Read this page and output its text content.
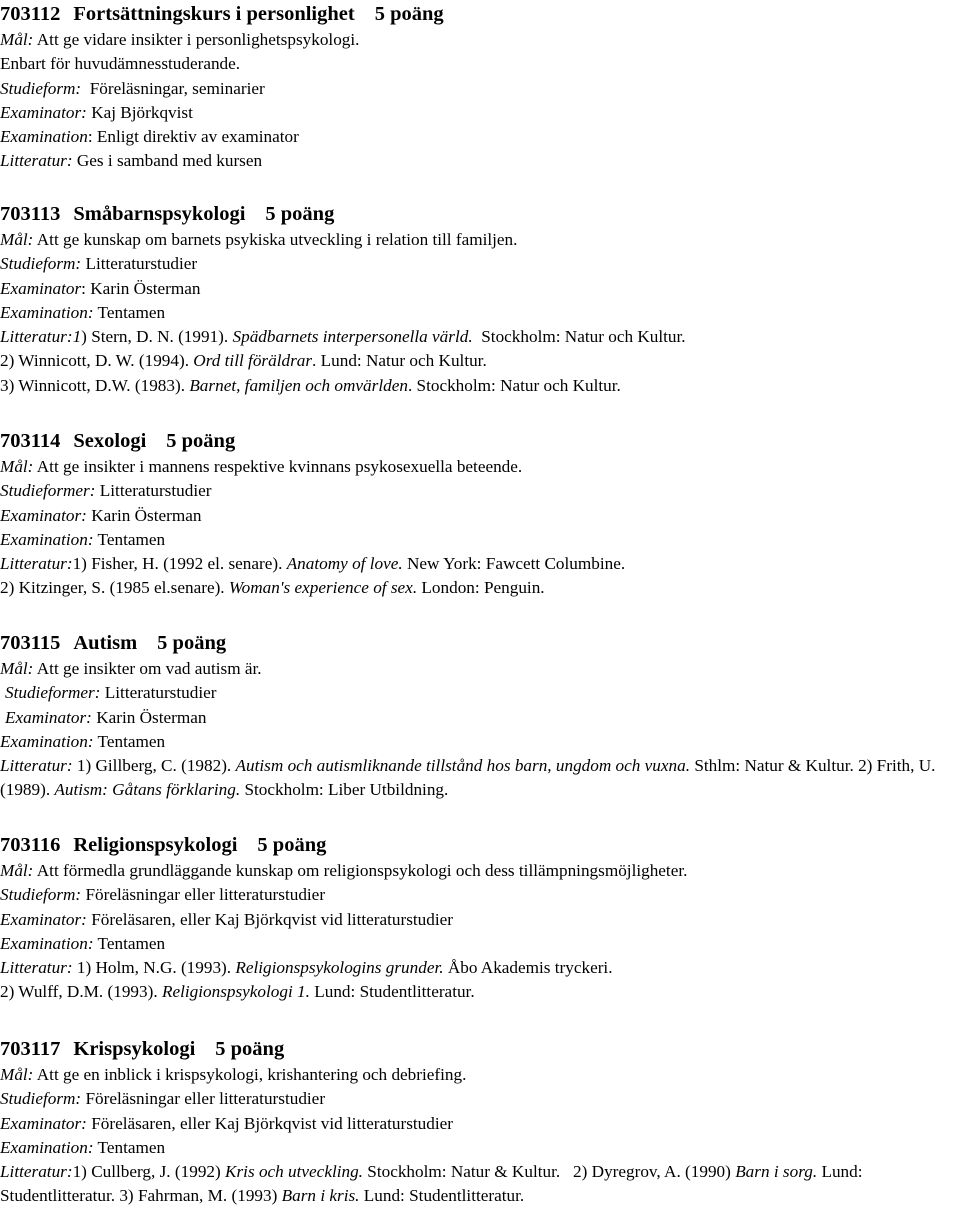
703112 Fortsättningskurs i personlighet 5 poäng
Mål: Att ge vidare insikter i personlighetspsykologi.
Enbart för huvudämnesstuderande.
Studieform:  Föreläsningar, seminarier
Examinator: Kaj Björkqvist
Examination: Enligt direktiv av examinator
Litteratur: Ges i samband med kursen
703113 Småbarnspsykologi 5 poäng
Mål: Att ge kunskap om barnets psykiska utveckling i relation till familjen.
Studieform: Litteraturstudier
Examinator: Karin Österman
Examination: Tentamen
Litteratur:1) Stern, D. N. (1991). Spädbarnets interpersonella värld.  Stockholm: Natur och Kultur.
2) Winnicott, D. W. (1994). Ord till föräldrar. Lund: Natur och Kultur.
3) Winnicott, D.W. (1983). Barnet, familjen och omvärlden. Stockholm: Natur och Kultur.
703114 Sexologi 5 poäng
Mål: Att ge insikter i mannens respektive kvinnans psykosexuella beteende.
Studieformer: Litteraturstudier
Examinator: Karin Österman
Examination: Tentamen
Litteratur:1) Fisher, H. (1992 el. senare). Anatomy of love. New York: Fawcett Columbine.
2) Kitzinger, S. (1985 el.senare). Woman's experience of sex. London: Penguin.
703115 Autism 5 poäng
Mål: Att ge insikter om vad autism är.
Studieformer: Litteraturstudier
Examinator: Karin Österman
Examination: Tentamen
Litteratur: 1) Gillberg, C. (1982). Autism och autismliknande tillstånd hos barn, ungdom och vuxna. Sthlm: Natur & Kultur. 2) Frith, U. (1989). Autism: Gåtans förklaring. Stockholm: Liber Utbildning.
703116 Religionspsykologi 5 poäng
Mål: Att förmedla grundläggande kunskap om religionspsykologi och dess tillämpningsmöjligheter.
Studieform: Föreläsningar eller litteraturstudier
Examinator: Föreläsaren, eller Kaj Björkqvist vid litteraturstudier
Examination: Tentamen
Litteratur: 1) Holm, N.G. (1993). Religionspsykologins grunder. Åbo Akademis tryckeri.
2) Wulff, D.M. (1993). Religionspsykologi 1. Lund: Studentlitteratur.
703117 Krispsykologi 5 poäng
Mål: Att ge en inblick i krispsykologi, krishantering och debriefing.
Studieform: Föreläsningar eller litteraturstudier
Examinator: Föreläsaren, eller Kaj Björkqvist vid litteraturstudier
Examination: Tentamen
Litteratur:1) Cullberg, J. (1992) Kris och utveckling. Stockholm: Natur & Kultur.   2) Dyregrov, A. (1990) Barn i sorg. Lund: Studentlitteratur. 3) Fahrman, M. (1993) Barn i kris. Lund: Studentlitteratur.
